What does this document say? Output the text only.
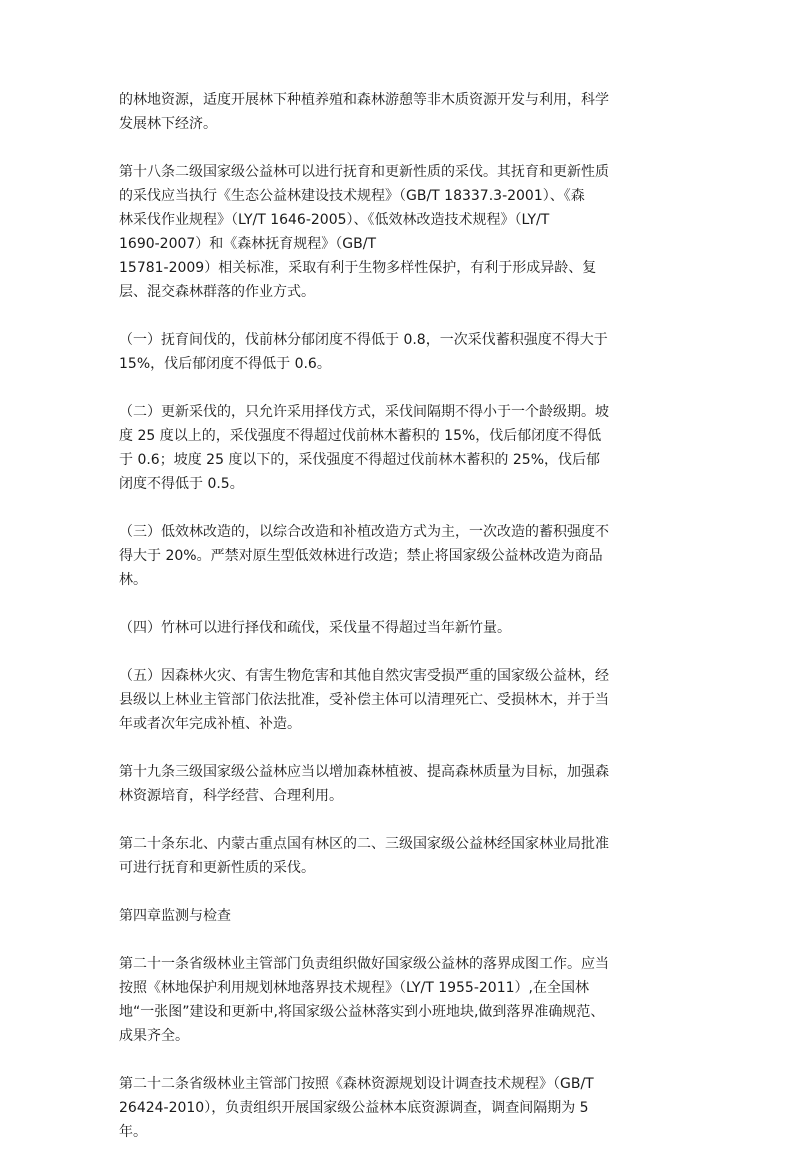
的林地资源，适度开展林下种植养殖和森林游憩等非木质资源开发与利用，科学
发展林下经济。

第十八条二级国家级公益林可以进行抚育和更新性质的采伐。其抚育和更新性质
的采伐应当执行《生态公益林建设技术规程》（GB/T 18337.3-2001）、《森
林采伐作业规程》（LY/T 1646-2005）、《低效林改造技术规程》（LY/T
1690-2007）和《森林抚育规程》（GB/T
15781-2009）相关标准，采取有利于生物多样性保护，有利于形成异龄、复
层、混交森林群落的作业方式。

（一）抚育间伐的，伐前林分郁闭度不得低于 0.8，一次采伐蓄积强度不得大于
15%，伐后郁闭度不得低于 0.6。

（二）更新采伐的，只允许采用择伐方式，采伐间隔期不得小于一个龄级期。坡
度 25 度以上的，采伐强度不得超过伐前林木蓄积的 15%，伐后郁闭度不得低
于 0.6；坡度 25 度以下的，采伐强度不得超过伐前林木蓄积的 25%，伐后郁
闭度不得低于 0.5。

（三）低效林改造的，以综合改造和补植改造方式为主，一次改造的蓄积强度不
得大于 20%。严禁对原生型低效林进行改造；禁止将国家级公益林改造为商品
林。

（四）竹林可以进行择伐和疏伐，采伐量不得超过当年新竹量。

（五）因森林火灾、有害生物危害和其他自然灾害受损严重的国家级公益林，经
县级以上林业主管部门依法批准，受补偿主体可以清理死亡、受损林木，并于当
年或者次年完成补植、补造。

第十九条三级国家级公益林应当以增加森林植被、提高森林质量为目标，加强森
林资源培育，科学经营、合理利用。

第二十条东北、内蒙古重点国有林区的二、三级国家级公益林经国家林业局批准
可进行抚育和更新性质的采伐。

第四章监测与检查

第二十一条省级林业主管部门负责组织做好国家级公益林的落界成图工作。应当
按照《林地保护利用规划林地落界技术规程》（LY/T 1955-2011）,在全国林
地“一张图”建设和更新中,将国家级公益林落实到小班地块,做到落界准确规范、
成果齐全。

第二十二条省级林业主管部门按照《森林资源规划设计调查技术规程》（GB/T
26424-2010），负责组织开展国家级公益林本底资源调查，调查间隔期为 5
年。
